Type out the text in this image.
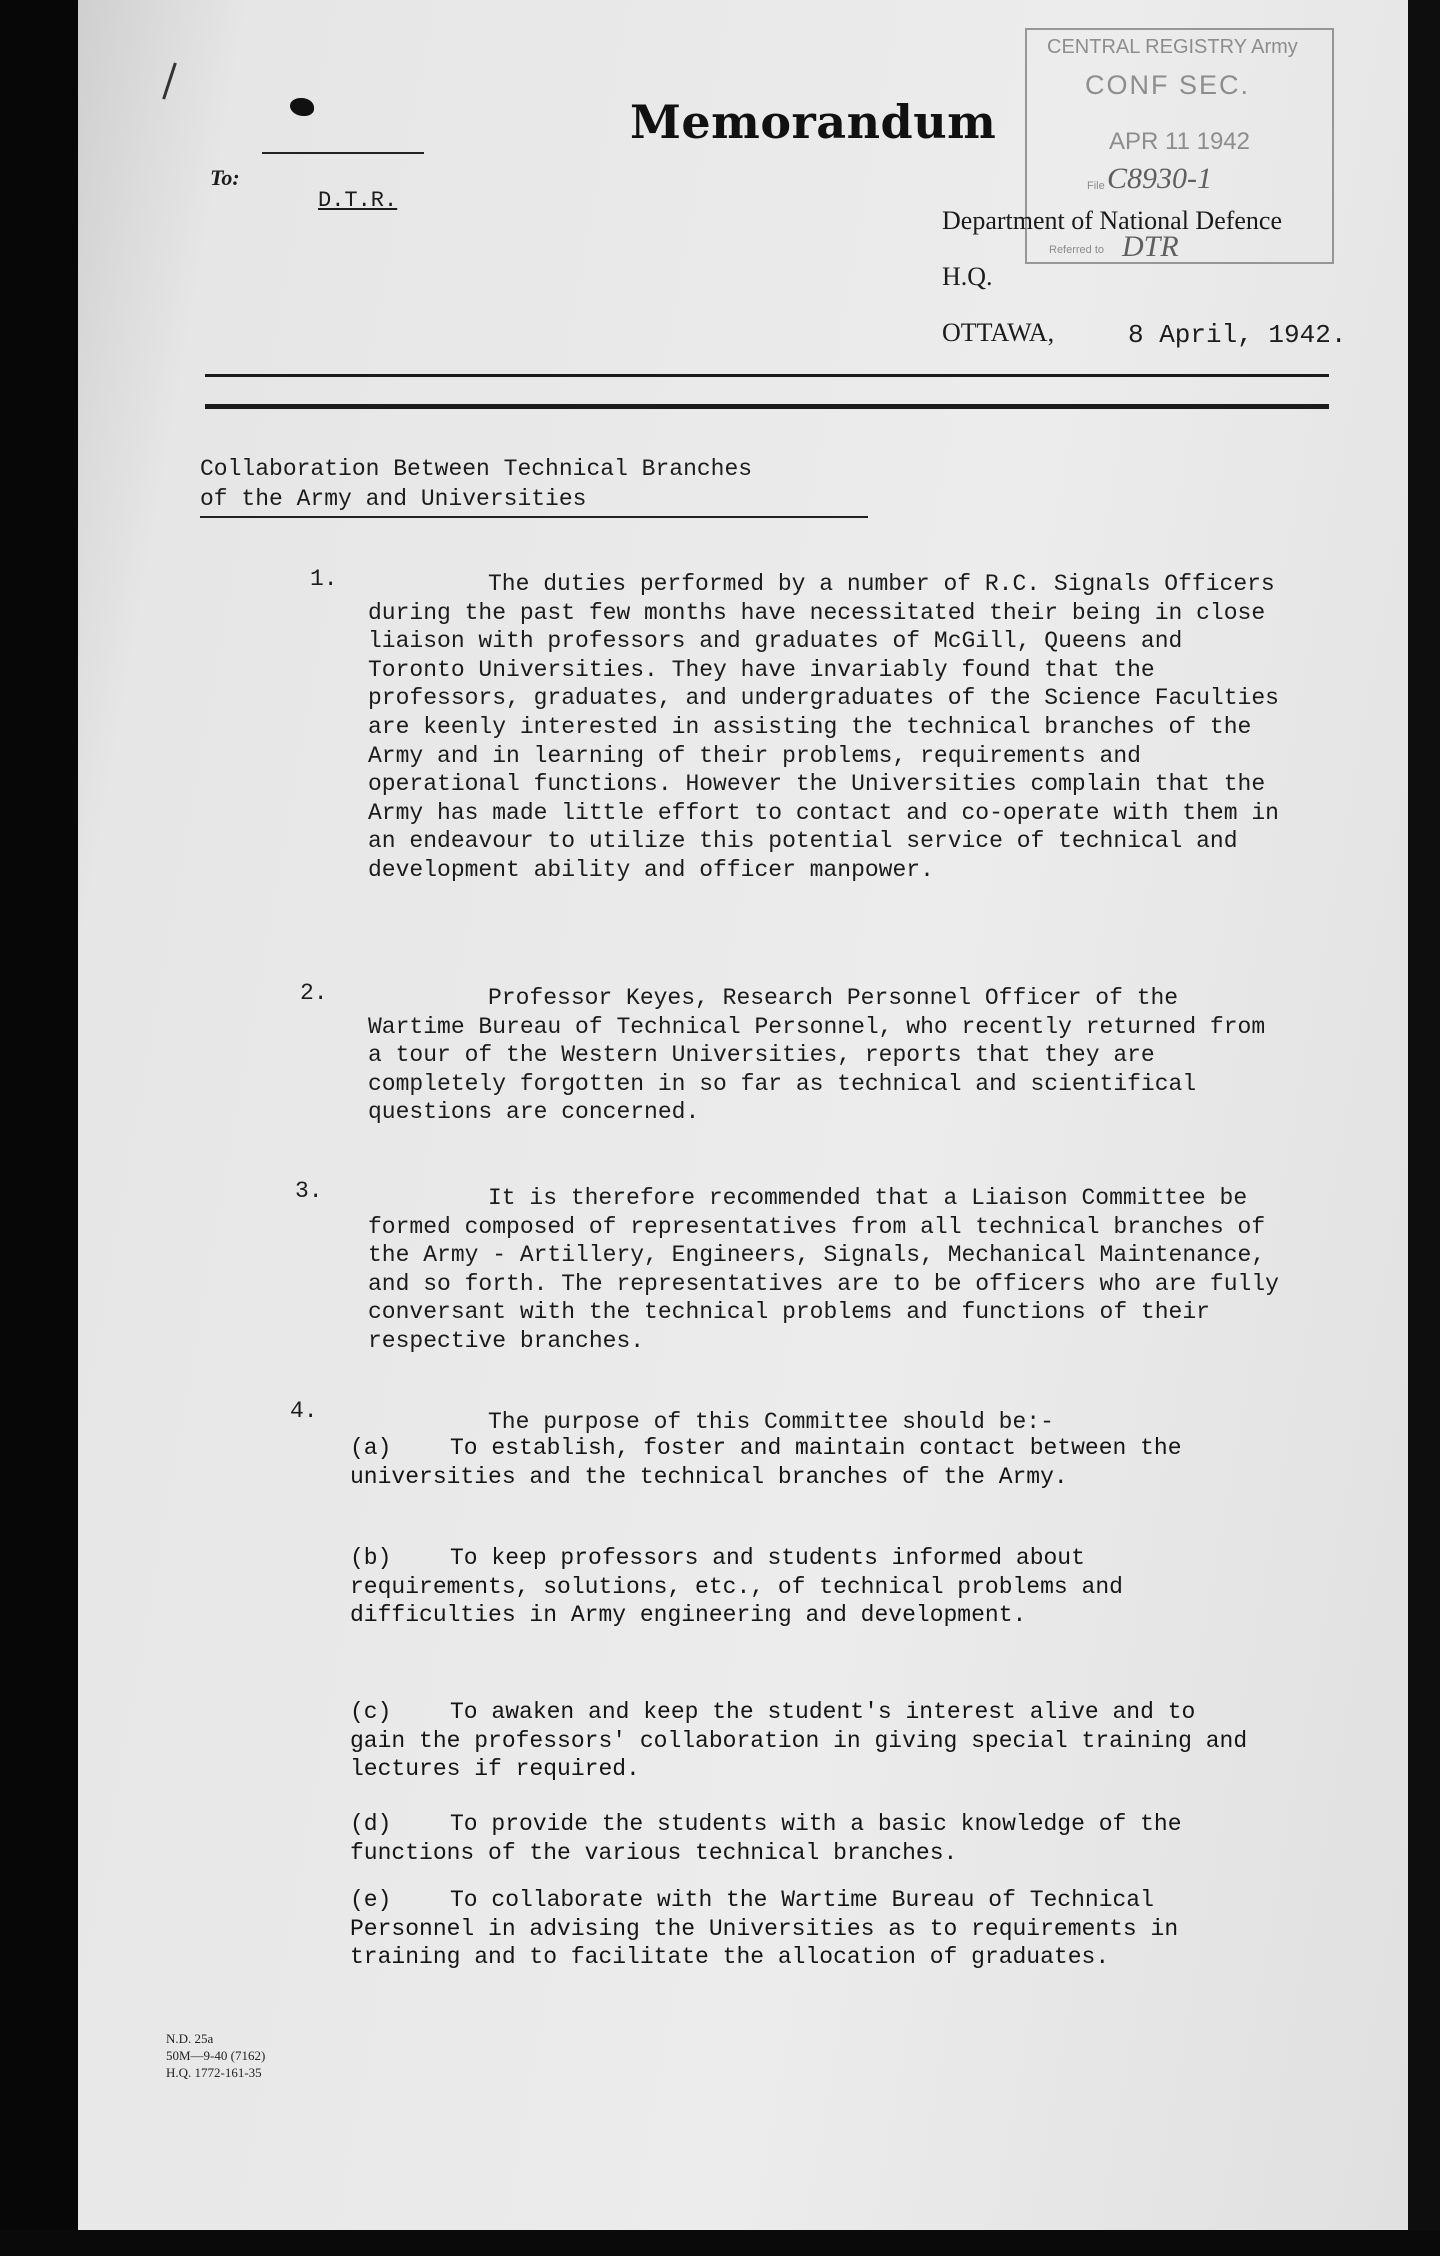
Memorandum
To:
D.T.R.
CENTRAL REGISTRY Army
CONF SEC.
APR 11 1942
File C8930-1
Referred to DTR
Department of National Defence
H.Q.
OTTAWA,	8 April, 1942.
Collaboration Between Technical Branches
of the Army and Universities
1.	The duties performed by a number of R.C. Signals Officers during the past few months have necessitated their being in close liaison with professors and graduates of McGill, Queens and Toronto Universities. They have invariably found that the professors, graduates, and undergraduates of the Science Faculties are keenly interested in assisting the technical branches of the Army and in learning of their problems, requirements and operational functions. However the Universities complain that the Army has made little effort to contact and co-operate with them in an endeavour to utilize this potential service of technical and development ability and officer manpower.
2.	Professor Keyes, Research Personnel Officer of the Wartime Bureau of Technical Personnel, who recently returned from a tour of the Western Universities, reports that they are completely forgotten in so far as technical and scientifical questions are concerned.
3.	It is therefore recommended that a Liaison Committee be formed composed of representatives from all technical branches of the Army - Artillery, Engineers, Signals, Mechanical Maintenance, and so forth. The representatives are to be officers who are fully conversant with the technical problems and functions of their respective branches.
4.	The purpose of this Committee should be:-
(a)	To establish, foster and maintain contact between the universities and the technical branches of the Army.
(b)	To keep professors and students informed about requirements, solutions, etc., of technical problems and difficulties in Army engineering and development.
(c)	To awaken and keep the student's interest alive and to gain the professors' collaboration in giving special training and lectures if required.
(d)	To provide the students with a basic knowledge of the functions of the various technical branches.
(e)	To collaborate with the Wartime Bureau of Technical Personnel in advising the Universities as to requirements in training and to facilitate the allocation of graduates.
N.D. 25a
50M—9-40 (7162)
H.Q. 1772-161-35
